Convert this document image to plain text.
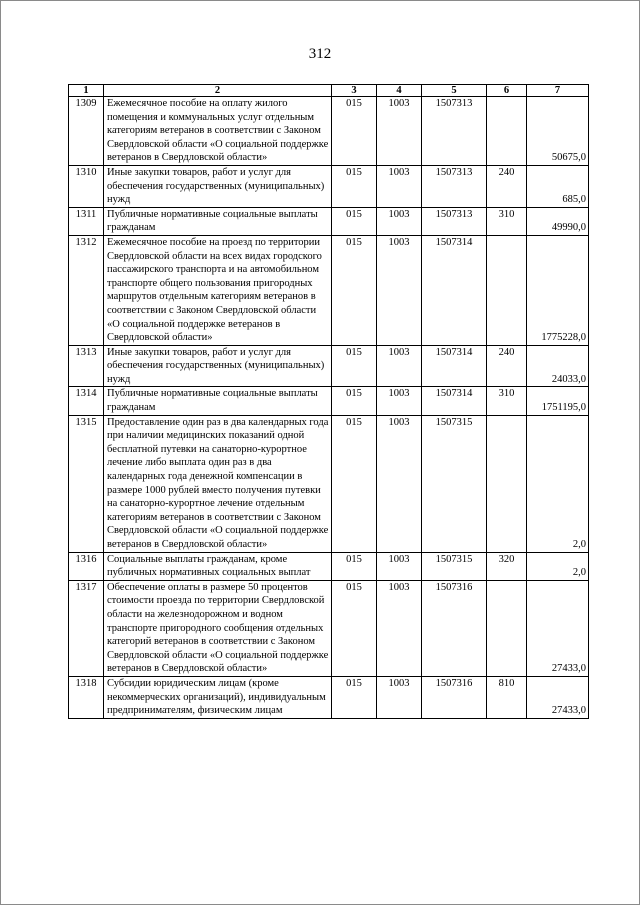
312
1	2	3	4	5	6	7
1309	Ежемесячное пособие на оплату жилого помещения и коммунальных услуг отдельным категориям ветеранов в соответствии с Законом Свердловской области «О социальной поддержке ветеранов в Свердловской области»	015	1003	1507313		50675,0
1310	Иные закупки товаров, работ и услуг для обеспечения государственных (муниципальных) нужд	015	1003	1507313	240	685,0
1311	Публичные нормативные социальные выплаты гражданам	015	1003	1507313	310	49990,0
1312	Ежемесячное пособие на проезд по территории Свердловской области на всех видах городского пассажирского транспорта и на автомобильном транспорте общего пользования пригородных маршрутов отдельным категориям ветеранов в соответствии с Законом Свердловской области «О социальной поддержке ветеранов в Свердловской области»	015	1003	1507314		1775228,0
1313	Иные закупки товаров, работ и услуг для обеспечения государственных (муниципальных) нужд	015	1003	1507314	240	24033,0
1314	Публичные нормативные социальные выплаты гражданам	015	1003	1507314	310	1751195,0
1315	Предоставление один раз в два календарных года при наличии медицинских показаний одной бесплатной путевки на санаторно-курортное лечение либо выплата один раз в два календарных года денежной компенсации в размере 1000 рублей вместо получения путевки на санаторно-курортное лечение отдельным категориям ветеранов в соответствии с Законом Свердловской области «О социальной поддержке ветеранов в Свердловской области»	015	1003	1507315		2,0
1316	Социальные выплаты гражданам, кроме публичных нормативных социальных выплат	015	1003	1507315	320	2,0
1317	Обеспечение оплаты в размере 50 процентов стоимости проезда по территории Свердловской области на железнодорожном и водном транспорте пригородного сообщения отдельных категорий ветеранов в соответствии с Законом Свердловской области «О социальной поддержке ветеранов в Свердловской области»	015	1003	1507316		27433,0
1318	Субсидии юридическим лицам (кроме некоммерческих организаций), индивидуальным предпринимателям, физическим лицам	015	1003	1507316	810	27433,0
